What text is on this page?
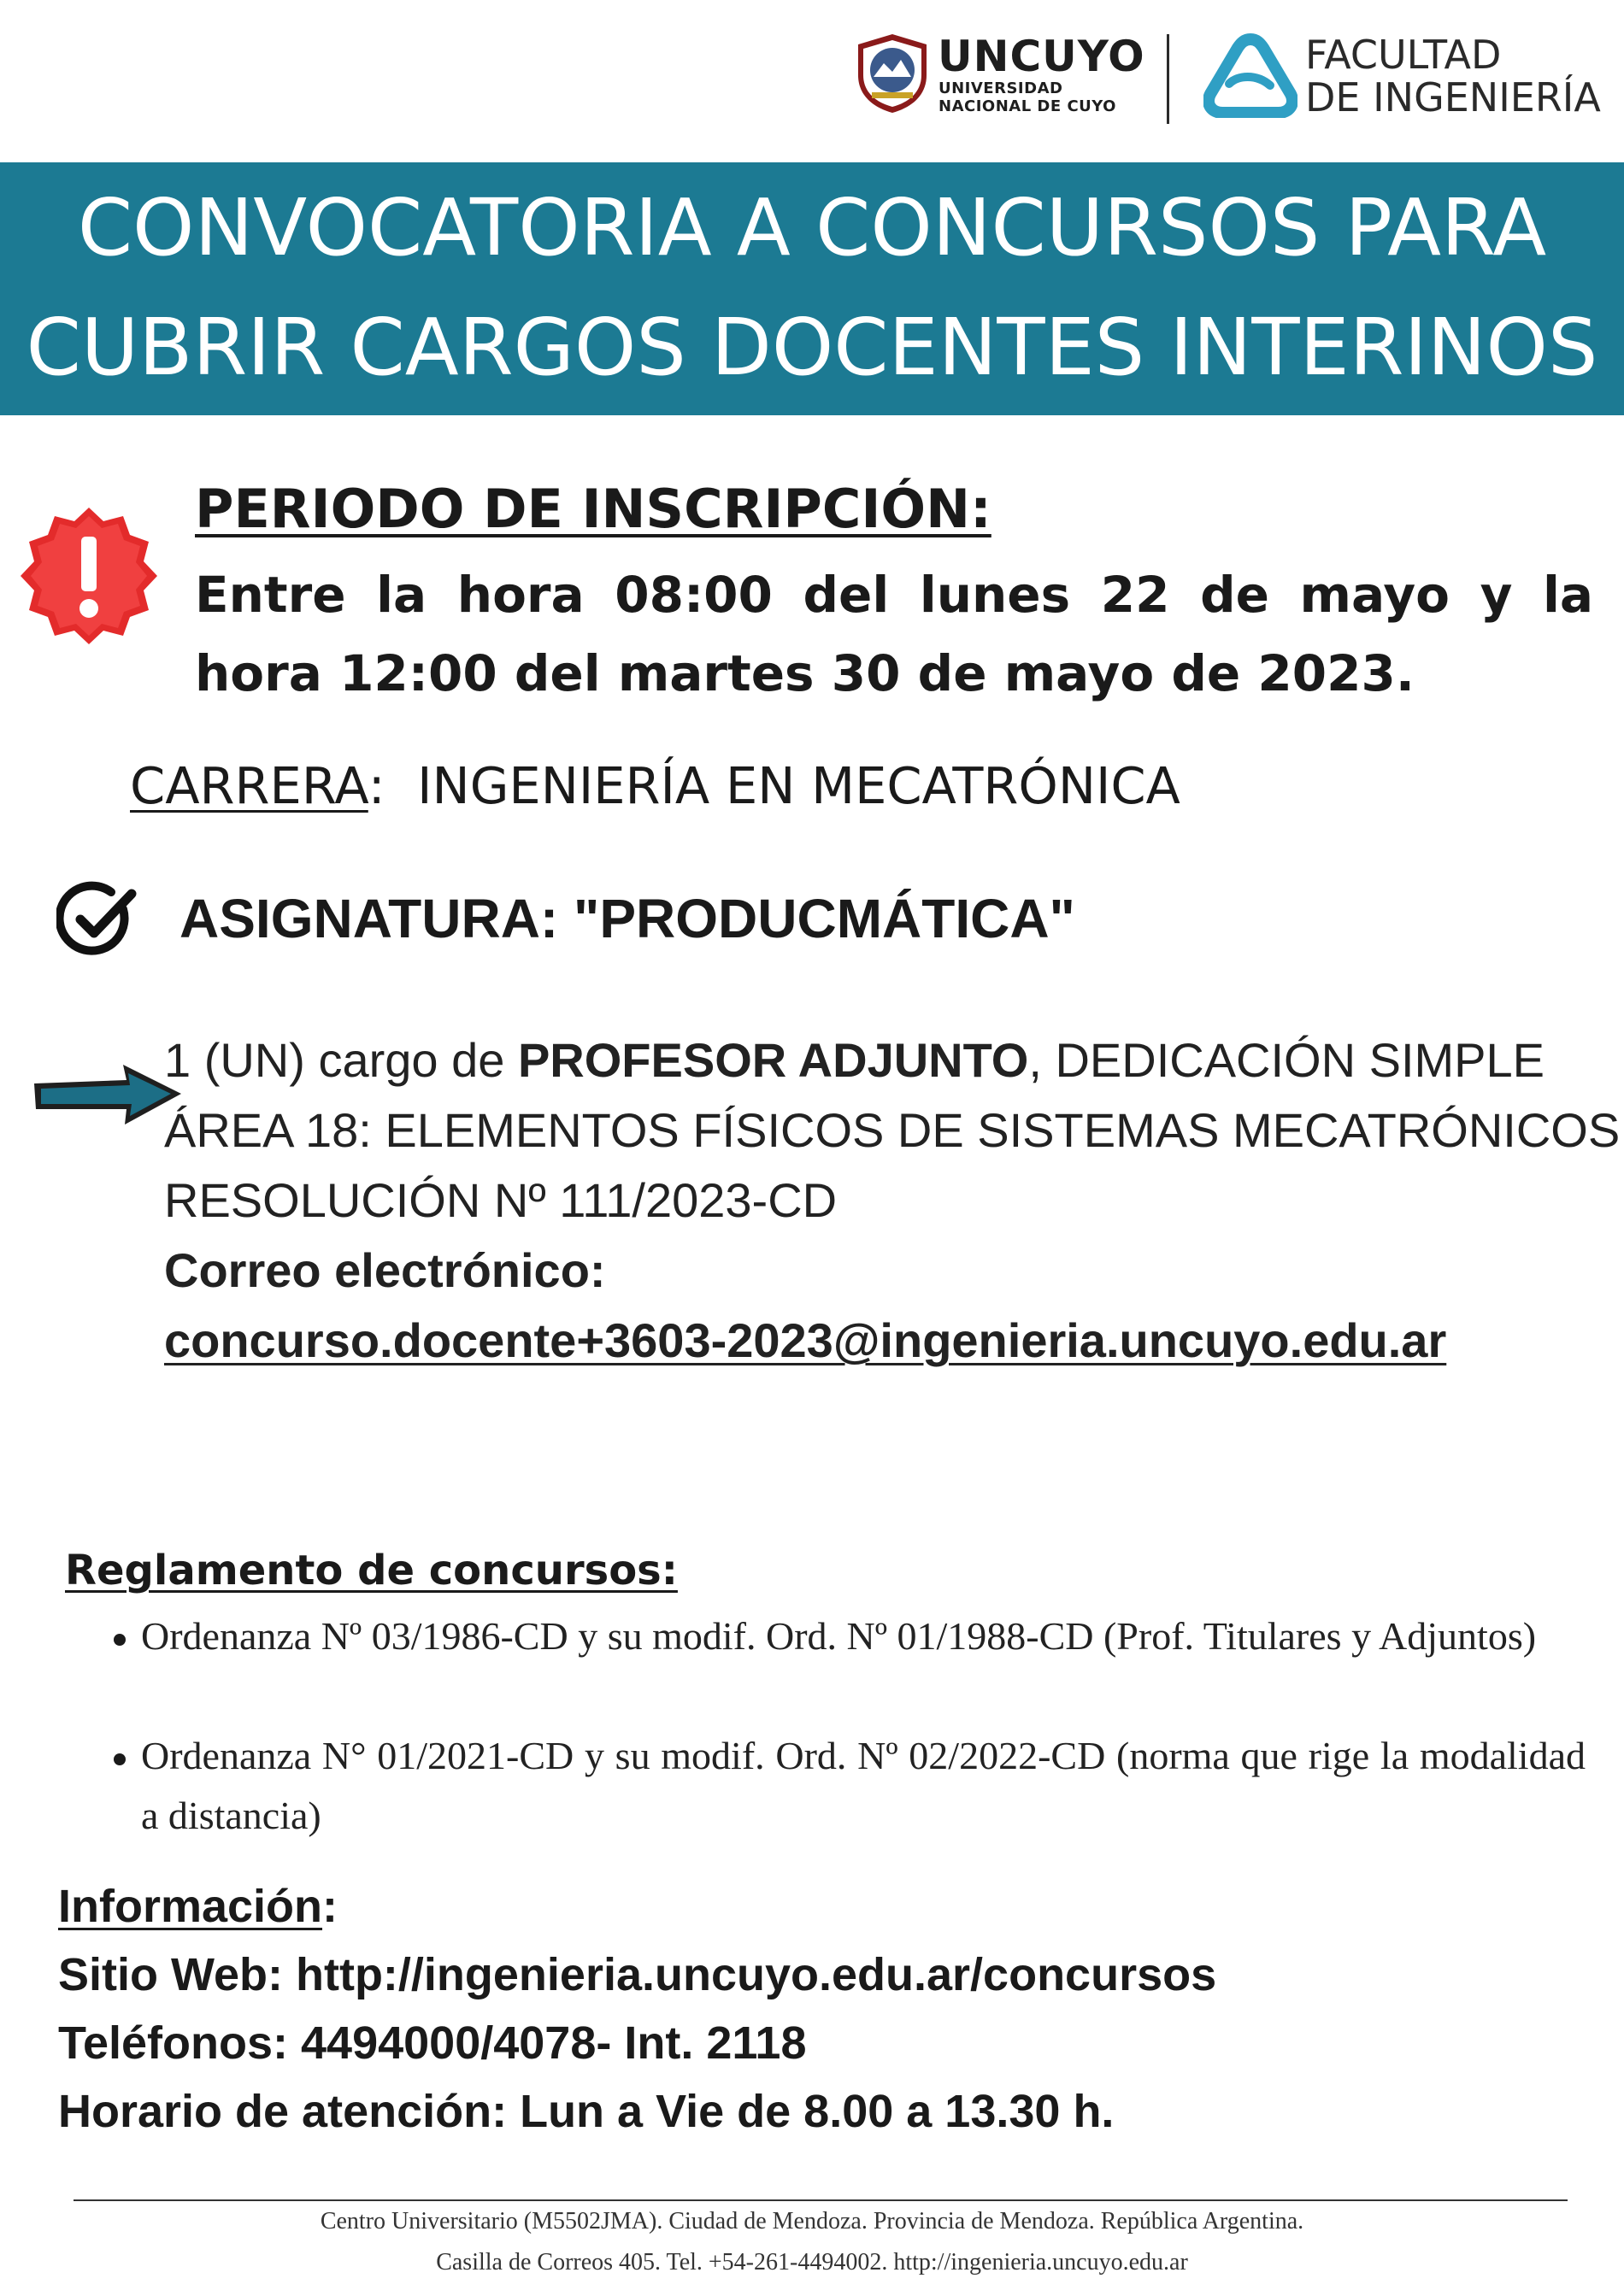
UNCUYO
UNIVERSIDAD
NACIONAL DE CUYO
FACULTAD
DE INGENIERÍA
CONVOCATORIA A CONCURSOS PARA
CUBRIR CARGOS DOCENTES INTERINOS
PERIODO DE INSCRIPCIÓN:
Entre la hora 08:00 del lunes 22 de mayo y la hora 12:00 del martes 30 de mayo de 2023.
CARRERA:  INGENIERÍA EN MECATRÓNICA
ASIGNATURA: "PRODUCMÁTICA"
1 (UN) cargo de PROFESOR ADJUNTO, DEDICACIÓN SIMPLE
ÁREA 18: ELEMENTOS FÍSICOS DE SISTEMAS MECATRÓNICOS
RESOLUCIÓN Nº 111/2023-CD
Correo electrónico:
concurso.docente+3603-2023@ingenieria.uncuyo.edu.ar
Reglamento de concursos:
Ordenanza Nº 03/1986-CD y su modif. Ord. Nº 01/1988-CD (Prof. Titulares y Adjuntos)
Ordenanza N° 01/2021-CD y su modif. Ord. Nº 02/2022-CD (norma que rige la modalidad a distancia)
Información:
Sitio Web: http://ingenieria.uncuyo.edu.ar/concursos
Teléfonos: 4494000/4078- Int. 2118
Horario de atención: Lun a Vie de 8.00 a 13.30 h.
Centro Universitario (M5502JMA). Ciudad de Mendoza. Provincia de Mendoza. República Argentina.
Casilla de Correos 405. Tel. +54-261-4494002. http://ingenieria.uncuyo.edu.ar
